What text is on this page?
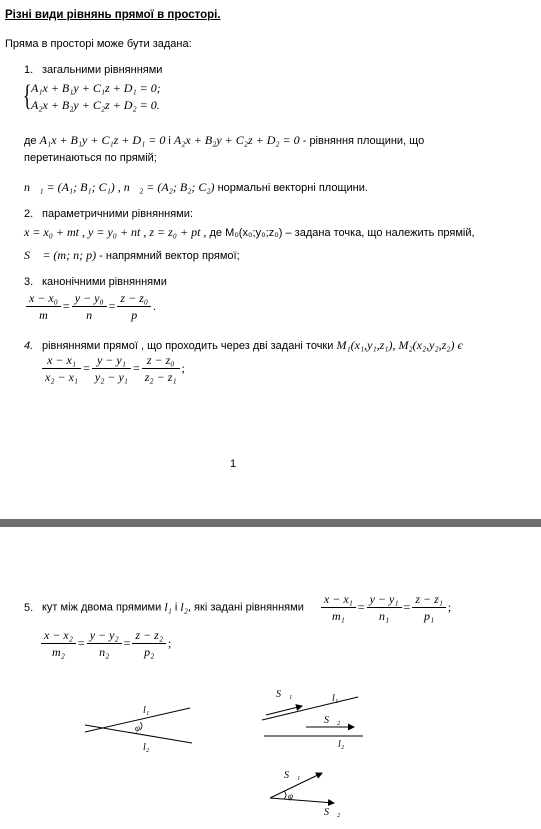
Різні види рівнянь прямої в просторі.
Пряма в просторі може бути задана:
1. загальними рівняннями
{ A₁x + B₁y + C₁z + D₁ = 0;
A₂x + B₂y + C₂z + D₂ = 0.
де A₁x + B₁y + C₁z + D₁ = 0 і A₂x + B₂y + C₂z + D₂ = 0 - рівняння площини, що
перетинаються по прямій;
n⃗₁ = (A₁; B₁; C₁) , n⃗₂ = (A₂; B₂; C₂) нормальні векторні площини.
2. параметричними рівняннями:
x = x₀ + mt , y = y₀ + nt , z = z₀ + pt , де M₀(x₀;y₀;z₀) – задана точка, що належить прямій,
S⃗ = (m; n; p) - напрямний вектор прямої;
3. канонічними рівняннями
$\frac{\text{x − x₀}}{m} = \frac{\text{y − y₀}}{n} = \frac{\text{z − z₀}}{p}$ .
4. рівняннями прямої , що проходить через дві задані точки M₁(x₁,y₁,z₁), M₂(x₂,y₂,z₂) є
$\frac{\text{x − x₁}}{\text{x₂ − x₁}} = \frac{\text{y − y₁}}{\text{y₂ − y₁}} = \frac{\text{z − z₀}}{\text{z₂ − z₁}}$ ;
1
5. кут між двома прямими l₁ і l₂, які задані рівняннями $\frac{\text{x − x₁}}{\text{m₁}} = \frac{\text{y − y₁}}{\text{n₁}} = \frac{\text{z − z₁}}{\text{p₁}}$ ;
$\frac{\text{x − x₂}}{\text{m₂}} = \frac{\text{y − y₂}}{\text{n₂}} = \frac{\text{z − z₂}}{\text{p₂}}$ ;
l₁
φ
l₂
S⃗₁	l₁
S⃗₂
l₂
S⃗₁
φ
S⃗₂
